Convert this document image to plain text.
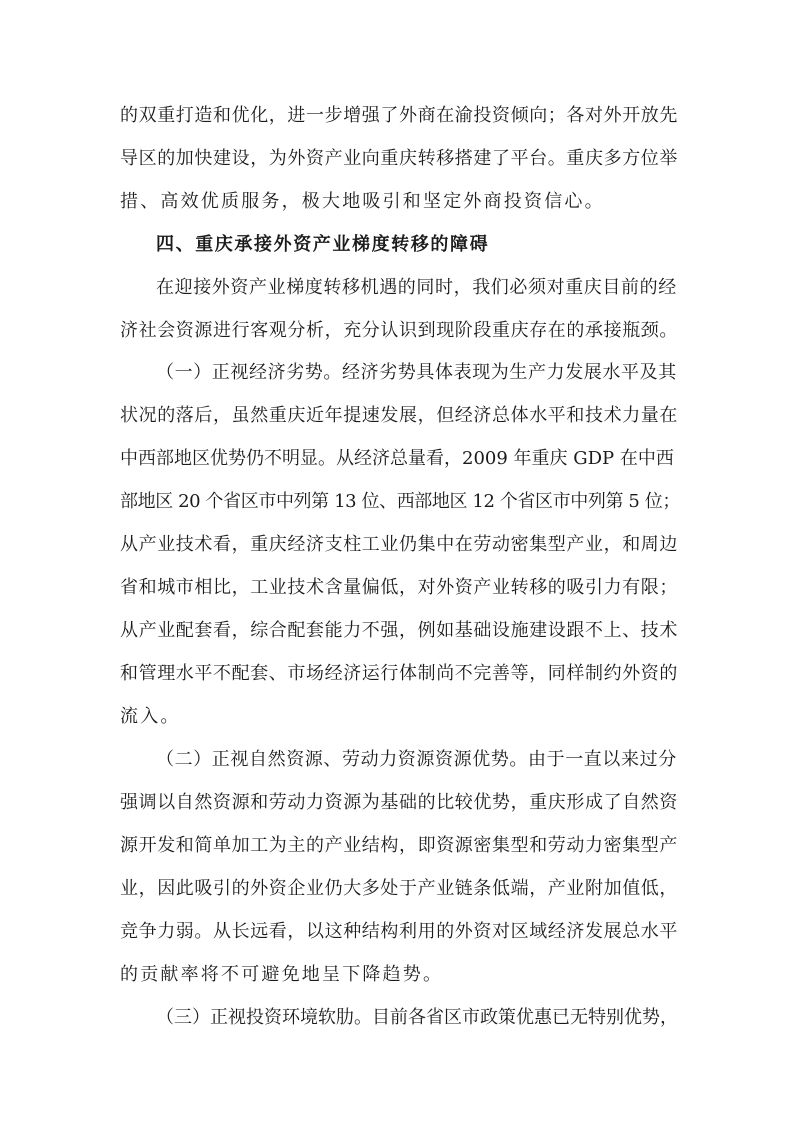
的双重打造和优化，进一步增强了外商在渝投资倾向；各对外开放先
导区的加快建设，为外资产业向重庆转移搭建了平台。重庆多方位举
措、高效优质服务，极大地吸引和坚定外商投资信心。
四、重庆承接外资产业梯度转移的障碍
在迎接外资产业梯度转移机遇的同时，我们必须对重庆目前的经
济社会资源进行客观分析，充分认识到现阶段重庆存在的承接瓶颈。
（一）正视经济劣势。经济劣势具体表现为生产力发展水平及其
状况的落后，虽然重庆近年提速发展，但经济总体水平和技术力量在
中西部地区优势仍不明显。从经济总量看，2009 年重庆 GDP 在中西
部地区 20 个省区市中列第 13 位、西部地区 12 个省区市中列第 5 位；
从产业技术看，重庆经济支柱工业仍集中在劳动密集型产业，和周边
省和城市相比，工业技术含量偏低，对外资产业转移的吸引力有限；
从产业配套看，综合配套能力不强，例如基础设施建设跟不上、技术
和管理水平不配套、市场经济运行体制尚不完善等，同样制约外资的
流入。
（二）正视自然资源、劳动力资源资源优势。由于一直以来过分
强调以自然资源和劳动力资源为基础的比较优势，重庆形成了自然资
源开发和简单加工为主的产业结构，即资源密集型和劳动力密集型产
业，因此吸引的外资企业仍大多处于产业链条低端，产业附加值低，
竞争力弱。从长远看，以这种结构利用的外资对区域经济发展总水平
的贡献率将不可避免地呈下降趋势。
（三）正视投资环境软肋。目前各省区市政策优惠已无特别优势，
